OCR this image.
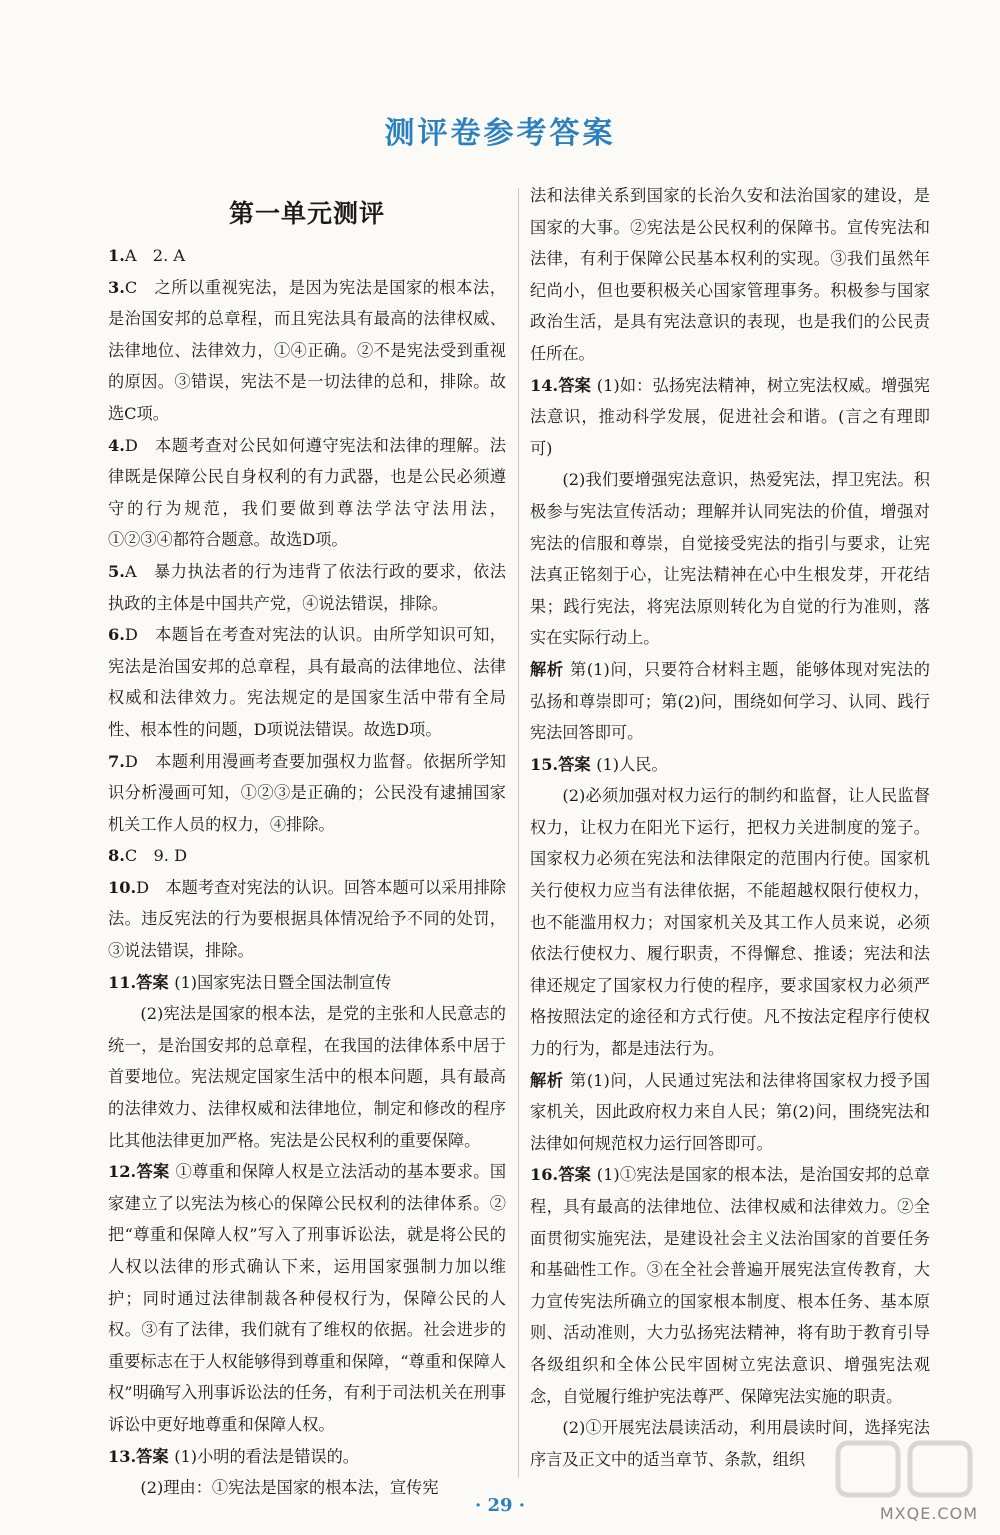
测评卷参考答案
第一单元测评

1.A　2. A

3.C　之所以重视宪法，是因为宪法是国家的根本法，是治国安邦的总章程，而且宪法具有最高的法律权威、法律地位、法律效力，①④正确。②不是宪法受到重视的原因。③错误，宪法不是一切法律的总和，排除。故选C项。

4.D　本题考查对公民如何遵守宪法和法律的理解。法律既是保障公民自身权利的有力武器，也是公民必须遵守的行为规范，我们要做到尊法学法守法用法，①②③④都符合题意。故选D项。

5.A　暴力执法者的行为违背了依法行政的要求，依法执政的主体是中国共产党，④说法错误，排除。

6.D　本题旨在考查对宪法的认识。由所学知识可知，宪法是治国安邦的总章程，具有最高的法律地位、法律权威和法律效力。宪法规定的是国家生活中带有全局性、根本性的问题，D项说法错误。故选D项。

7.D　本题利用漫画考查要加强权力监督。依据所学知识分析漫画可知，①②③是正确的；公民没有逮捕国家机关工作人员的权力，④排除。

8.C　9. D

10.D　本题考查对宪法的认识。回答本题可以采用排除法。违反宪法的行为要根据具体情况给予不同的处罚，③说法错误，排除。

11.答案 (1)国家宪法日暨全国法制宣传

(2)宪法是国家的根本法，是党的主张和人民意志的统一，是治国安邦的总章程，在我国的法律体系中居于首要地位。宪法规定国家生活中的根本问题，具有最高的法律效力、法律权威和法律地位，制定和修改的程序比其他法律更加严格。宪法是公民权利的重要保障。

12.答案 ①尊重和保障人权是立法活动的基本要求。国家建立了以宪法为核心的保障公民权利的法律体系。②把“尊重和保障人权”写入了刑事诉讼法，就是将公民的人权以法律的形式确认下来，运用国家强制力加以维护；同时通过法律制裁各种侵权行为，保障公民的人权。③有了法律，我们就有了维权的依据。社会进步的重要标志在于人权能够得到尊重和保障，“尊重和保障人权”明确写入刑事诉讼法的任务，有利于司法机关在刑事诉讼中更好地尊重和保障人权。

13.答案 (1)小明的看法是错误的。

(2)理由：①宪法是国家的根本法，宣传宪

法和法律关系到国家的长治久安和法治国家的建设，是国家的大事。②宪法是公民权利的保障书。宣传宪法和法律，有利于保障公民基本权利的实现。③我们虽然年纪尚小，但也要积极关心国家管理事务。积极参与国家政治生活，是具有宪法意识的表现，也是我们的公民责任所在。

14.答案 (1)如：弘扬宪法精神，树立宪法权威。增强宪法意识，推动科学发展，促进社会和谐。(言之有理即可)

(2)我们要增强宪法意识，热爱宪法，捍卫宪法。积极参与宪法宣传活动；理解并认同宪法的价值，增强对宪法的信服和尊崇，自觉接受宪法的指引与要求，让宪法真正铭刻于心，让宪法精神在心中生根发芽，开花结果；践行宪法，将宪法原则转化为自觉的行为准则，落实在实际行动上。

解析 第(1)问，只要符合材料主题，能够体现对宪法的弘扬和尊崇即可；第(2)问，围绕如何学习、认同、践行宪法回答即可。

15.答案 (1)人民。

(2)必须加强对权力运行的制约和监督，让人民监督权力，让权力在阳光下运行，把权力关进制度的笼子。国家权力必须在宪法和法律限定的范围内行使。国家机关行使权力应当有法律依据，不能超越权限行使权力，也不能滥用权力；对国家机关及其工作人员来说，必须依法行使权力、履行职责，不得懈怠、推诿；宪法和法律还规定了国家权力行使的程序，要求国家权力必须严格按照法定的途径和方式行使。凡不按法定程序行使权力的行为，都是违法行为。

解析 第(1)问，人民通过宪法和法律将国家权力授予国家机关，因此政府权力来自人民；第(2)问，围绕宪法和法律如何规范权力运行回答即可。

16.答案 (1)①宪法是国家的根本法，是治国安邦的总章程，具有最高的法律地位、法律权威和法律效力。②全面贯彻实施宪法，是建设社会主义法治国家的首要任务和基础性工作。③在全社会普遍开展宪法宣传教育，大力宣传宪法所确立的国家根本制度、根本任务、基本原则、活动准则，大力弘扬宪法精神，将有助于教育引导各级组织和全体公民牢固树立宪法意识、增强宪法观念，自觉履行维护宪法尊严、保障宪法实施的职责。

(2)①开展宪法晨读活动，利用晨读时间，选择宪法序言及正文中的适当章节、条款，组织

· 29 ·	MXQE.COM
